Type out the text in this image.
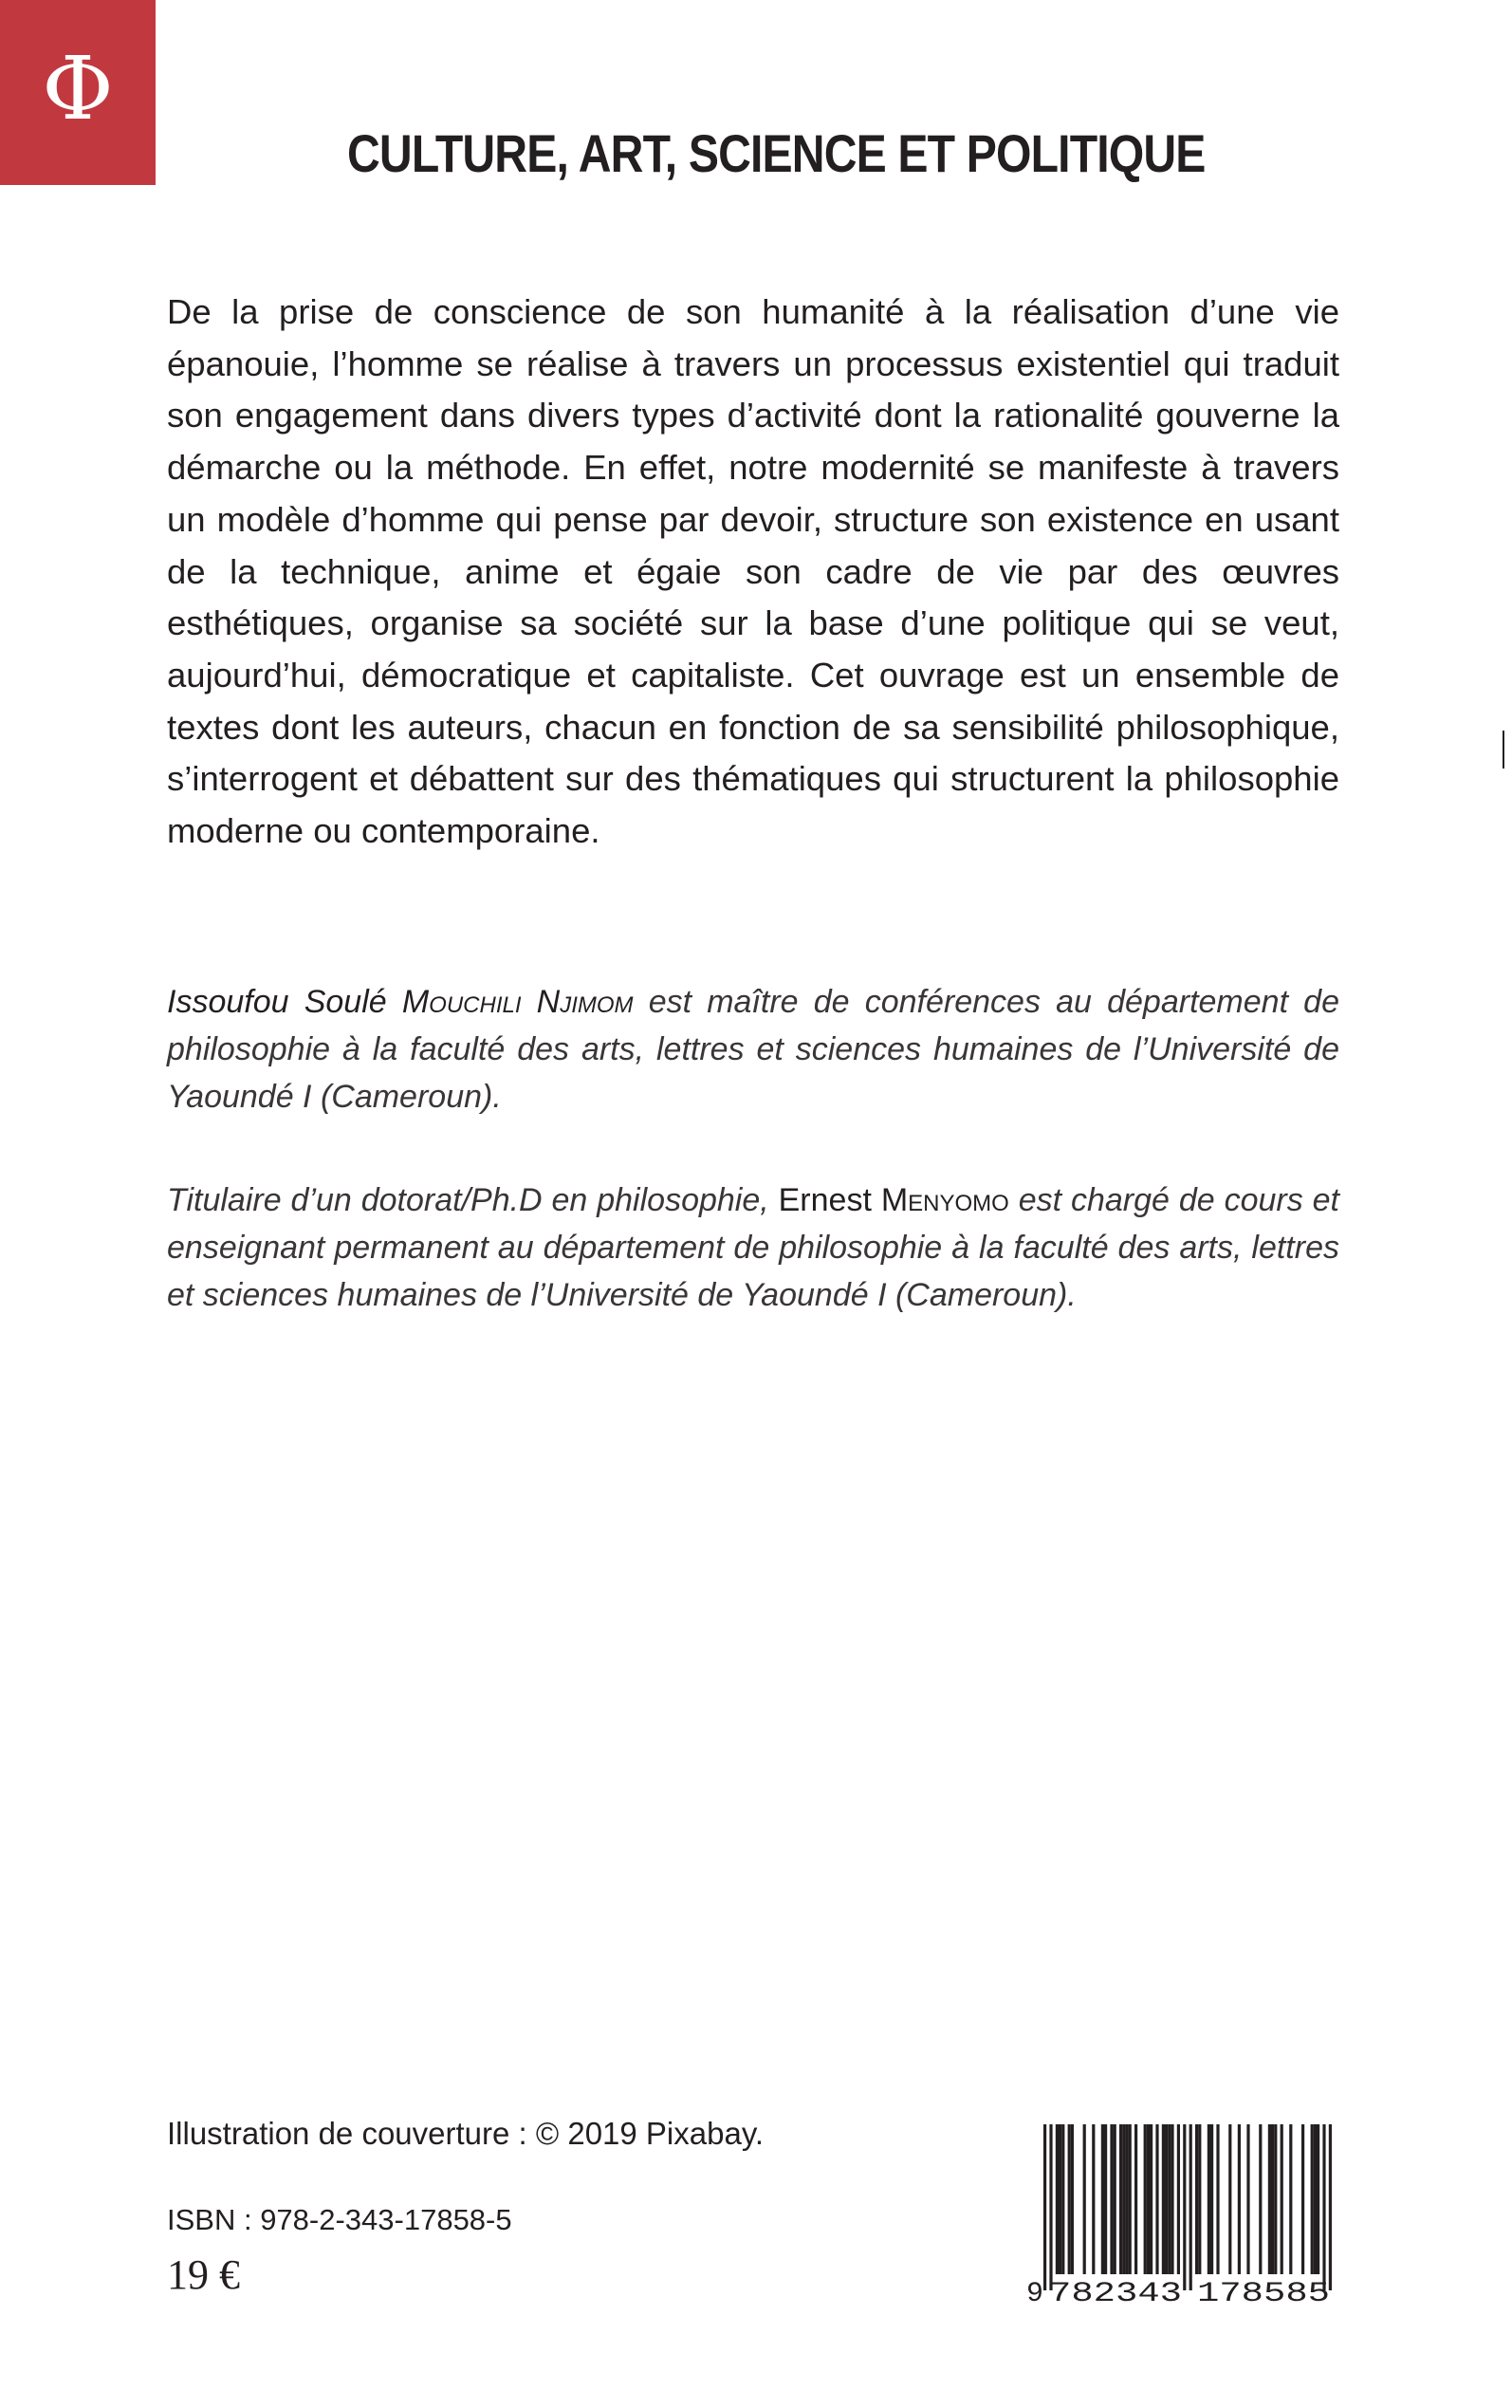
Φ
CULTURE, ART, SCIENCE ET POLITIQUE

De la prise de conscience de son humanité à la réalisation d’une vie épanouie, l’homme se réalise à travers un processus existentiel qui traduit son engagement dans divers types d’activité dont la rationalité gouverne la démarche ou la méthode. En effet, notre modernité se manifeste à travers un modèle d’homme qui pense par devoir, structure son existence en usant de la technique, anime et égaie son cadre de vie par des œuvres esthétiques, organise sa société sur la base d’une politique qui se veut, aujourd’hui, démocratique et capitaliste. Cet ouvrage est un ensemble de textes dont les auteurs, chacun en fonction de sa sensibilité philosophique, s’interrogent et débattent sur des thématiques qui structurent la philosophie moderne ou contemporaine.

Issoufou Soulé Mouchili Njimom est maître de conférences au département de philosophie à la faculté des arts, lettres et sciences humaines de l’Université de Yaoundé I (Cameroun).

Titulaire d’un dotorat/Ph.D en philosophie, Ernest Menyomo est chargé de cours et enseignant permanent au département de philosophie à la faculté des arts, lettres et sciences humaines de l’Université de Yaoundé I (Cameroun).

Illustration de couverture : © 2019 Pixabay.

ISBN : 978-2-343-17858-5

19 €	9 782343 178585
